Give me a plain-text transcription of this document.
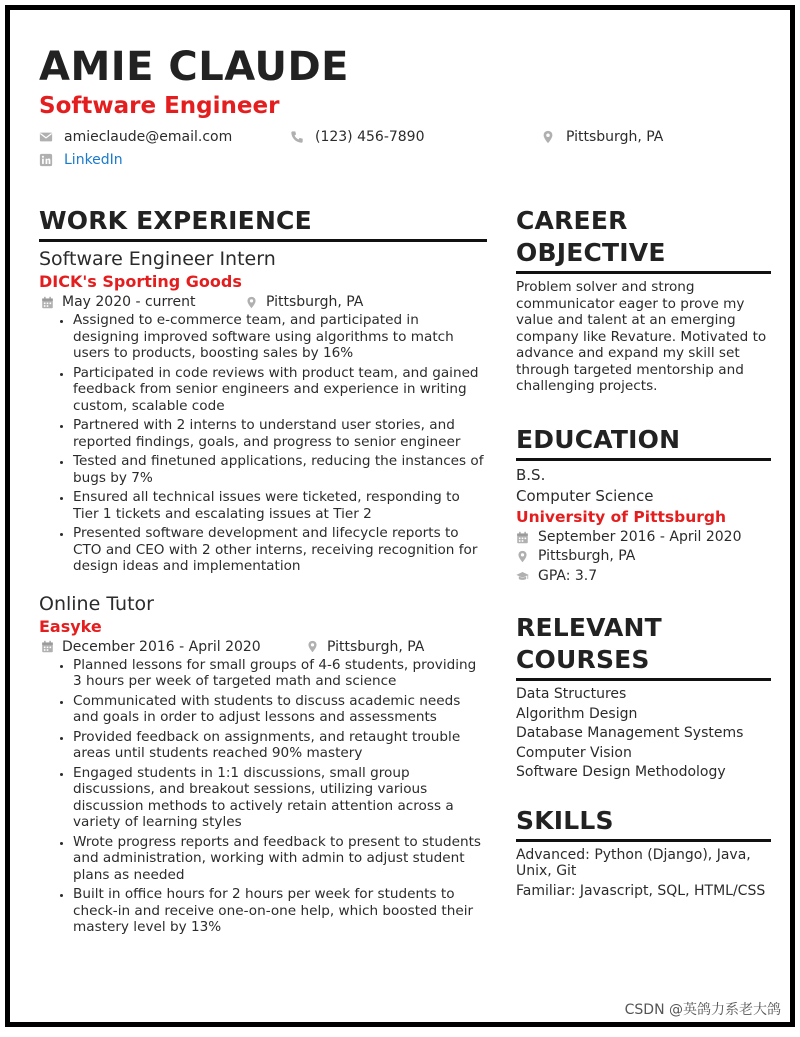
AMIE CLAUDE
Software Engineer
amieclaude@email.com	(123) 456-7890	Pittsburgh, PA
LinkedIn
WORK EXPERIENCE
Software Engineer Intern
DICK's Sporting Goods
May 2020 - current	Pittsburgh, PA
• Assigned to e-commerce team, and participated in designing improved software using algorithms to match users to products, boosting sales by 16%
• Participated in code reviews with product team, and gained feedback from senior engineers and experience in writing custom, scalable code
• Partnered with 2 interns to understand user stories, and reported findings, goals, and progress to senior engineer
• Tested and finetuned applications, reducing the instances of bugs by 7%
• Ensured all technical issues were ticketed, responding to Tier 1 tickets and escalating issues at Tier 2
• Presented software development and lifecycle reports to CTO and CEO with 2 other interns, receiving recognition for design ideas and implementation
Online Tutor
Easyke
December 2016 - April 2020	Pittsburgh, PA
• Planned lessons for small groups of 4-6 students, providing 3 hours per week of targeted math and science
• Communicated with students to discuss academic needs and goals in order to adjust lessons and assessments
• Provided feedback on assignments, and retaught trouble areas until students reached 90% mastery
• Engaged students in 1:1 discussions, small group discussions, and breakout sessions, utilizing various discussion methods to actively retain attention across a variety of learning styles
• Wrote progress reports and feedback to present to students and administration, working with admin to adjust student plans as needed
• Built in office hours for 2 hours per week for students to check-in and receive one-on-one help, which boosted their mastery level by 13%
CAREER
OBJECTIVE
Problem solver and strong communicator eager to prove my value and talent at an emerging company like Revature. Motivated to advance and expand my skill set through targeted mentorship and challenging projects.
EDUCATION
B.S.
Computer Science
University of Pittsburgh
September 2016 - April 2020
Pittsburgh, PA
GPA: 3.7
RELEVANT
COURSES
Data Structures
Algorithm Design
Database Management Systems
Computer Vision
Software Design Methodology
SKILLS
Advanced: Python (Django), Java, Unix, Git
Familiar: Javascript, SQL, HTML/CSS
CSDN @英鸽力系老大鸽
